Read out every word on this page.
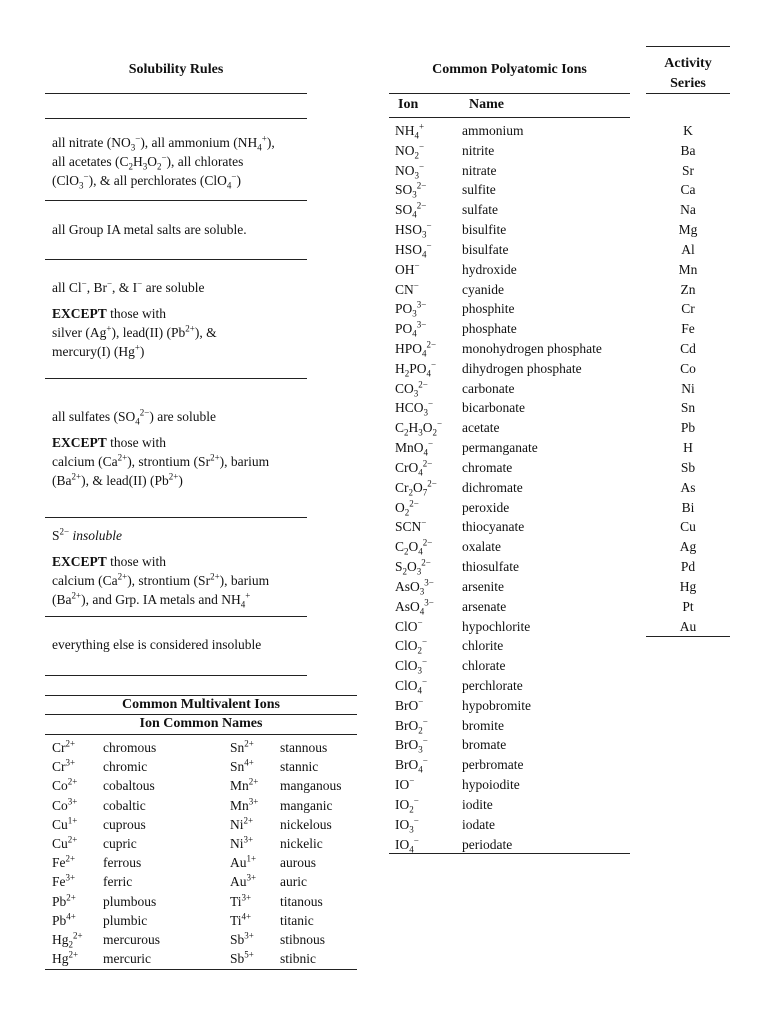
Solubility Rules
all nitrate $(NO_3^-)$, all ammonium $(NH_4^+)$,
all acetates $(C_2H_3O_2^-)$, all chlorates
(ClO$_3$−), & all perchlorates (ClO$_4$−)
all Group IA metal salts are soluble.
all Cl−, Br−, & I− are soluble
EXCEPT those with
silver (Ag+), lead(II) $(Pb^{2+})$, &
mercury(I) (Hg+)
all sulfates $(SO_4^{2-})$ are soluble
EXCEPT those with
calcium $(Ca^{2+})$, strontium $(Sr^{2+})$, barium
$(Ba^{2+})$, & lead(II) $(Pb^{2+})$
$S^{2-}$ insoluble
EXCEPT those with
calcium $(Ca^{2+})$, strontium $(Sr^{2+})$, barium
$(Ba^{2+})$, and Grp. IA metals and $NH_4^+$
everything else is considered insoluble
Common Multivalent Ions
Ion Common Names
$Cr^{2+}$ chromous	$Sn^{2+}$ stannous
$Cr^{3+}$ chromic	$Sn^{4+}$ stannic
$Co^{2+}$ cobaltous	$Mn^{2+}$ manganous
$Co^{3+}$ cobaltic	$Mn^{3+}$ manganic
$Cu^{1+}$ cuprous	$Ni^{2+}$ nickelous
$Cu^{2+}$ cupric	$Ni^{3+}$ nickelic
$Fe^{2+}$ ferrous	$Au^{1+}$ aurous
$Fe^{3+}$ ferric	$Au^{3+}$ auric
$Pb^{2+}$ plumbous	$Ti^{3+}$ titanous
$Pb^{4+}$ plumbic	$Ti^{4+}$ titanic
$Hg_2^{2+}$ mercurous	$Sb^{3+}$ stibnous
$Hg^{2+}$ mercuric	$Sb^{5+}$ stibnic
Common Polyatomic Ions
Ion	Name
$NH_4^+$	ammonium
$NO_2^-$	nitrite
$NO_3^-$	nitrate
$SO_3^{2-}$	sulfite
$SO_4^{2-}$	sulfate
$HSO_3^-$ bisulfite
$HSO_4^-$ bisulfate
OH−	hydroxide
CN−	cyanide
$PO_3^{3-}$	phosphite
$PO_4^{3-}$	phosphate
$HPO_4^{2-}$ monohydrogen phosphate
$H_2PO_4^-$ dihydrogen phosphate
$CO_3^{2-}$	carbonate
$HCO_3^-$ bicarbonate
$C_2H_3O_2^-$ acetate
MnO$_4$− permanganate
CrO$_4^{2-}$ chromate
$Cr_2O_7^{2-}$ dichromate
$O_2^{2-}$	peroxide
SCN−	thiocyanate
$C_2O_4^{2-}$ oxalate
$S_2O_3^{2-}$ thiosulfate
AsO$_3^{3-}$ arsenite
AsO$_4^{3-}$ arsenate
ClO−	hypochlorite
ClO$_2$−	chlorite
ClO$_3$−	chlorate
ClO$_4$−	perchlorate
BrO−	hypobromite
BrO$_2$−	bromite
BrO$_3$−	bromate
BrO$_4$−	perbromate
IO−	hypoiodite
$IO_2^-$	iodite
$IO_3^-$	iodate
$IO_4^-$	periodate
Activity
Series
K
Ba
Sr
Ca
Na
Mg
Al
Mn
Zn
Cr
Fe
Cd
Co
Ni
Sn
Pb
H
Sb
As
Bi
Cu
Ag
Pd
Hg
Pt
Au
